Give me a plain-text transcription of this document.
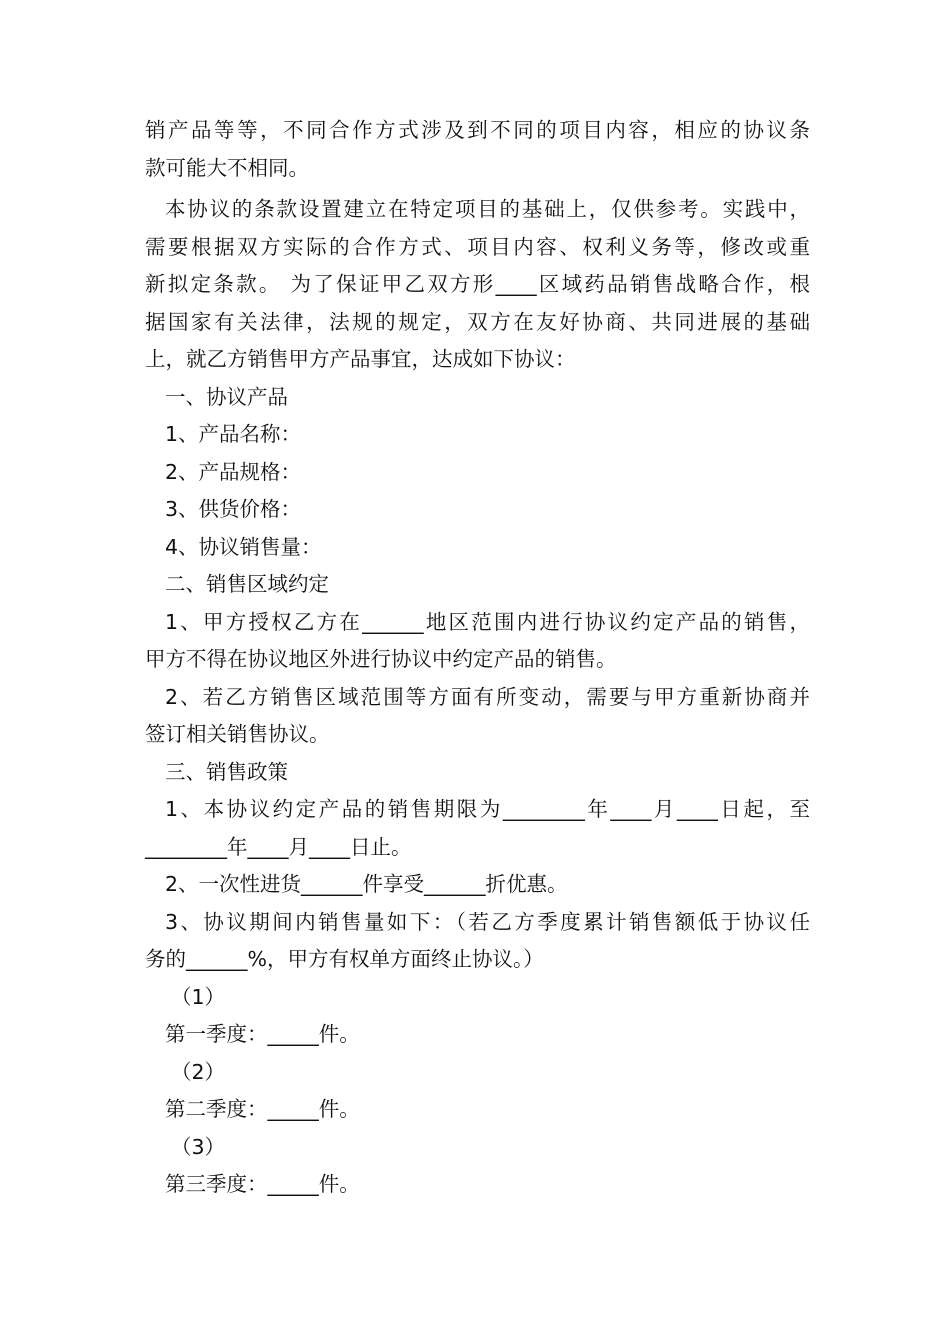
销产品等等，不同合作方式涉及到不同的项目内容，相应的协议条

款可能大不相同。

本协议的条款设置建立在特定项目的基础上，仅供参考。实践中，

需要根据双方实际的合作方式、项目内容、权利义务等，修改或重

新拟定条款。 为了保证甲乙双方形____区域药品销售战略合作，根

据国家有关法律，法规的规定，双方在友好协商、共同进展的基础

上，就乙方销售甲方产品事宜，达成如下协议：

一、协议产品

1、产品名称：

2、产品规格：

3、供货价格：

4、协议销售量：

二、销售区域约定

1、甲方授权乙方在______地区范围内进行协议约定产品的销售，

甲方不得在协议地区外进行协议中约定产品的销售。

2、若乙方销售区域范围等方面有所变动，需要与甲方重新协商并

签订相关销售协议。

三、销售政策

1、本协议约定产品的销售期限为________年____月____日起，至

________年____月____日止。

2、一次性进货______件享受______折优惠。

3、协议期间内销售量如下：（若乙方季度累计销售额低于协议任

务的______%，甲方有权单方面终止协议。）

（1）

第一季度：_____件。

（2）

第二季度：_____件。

（3）

第三季度：_____件。
